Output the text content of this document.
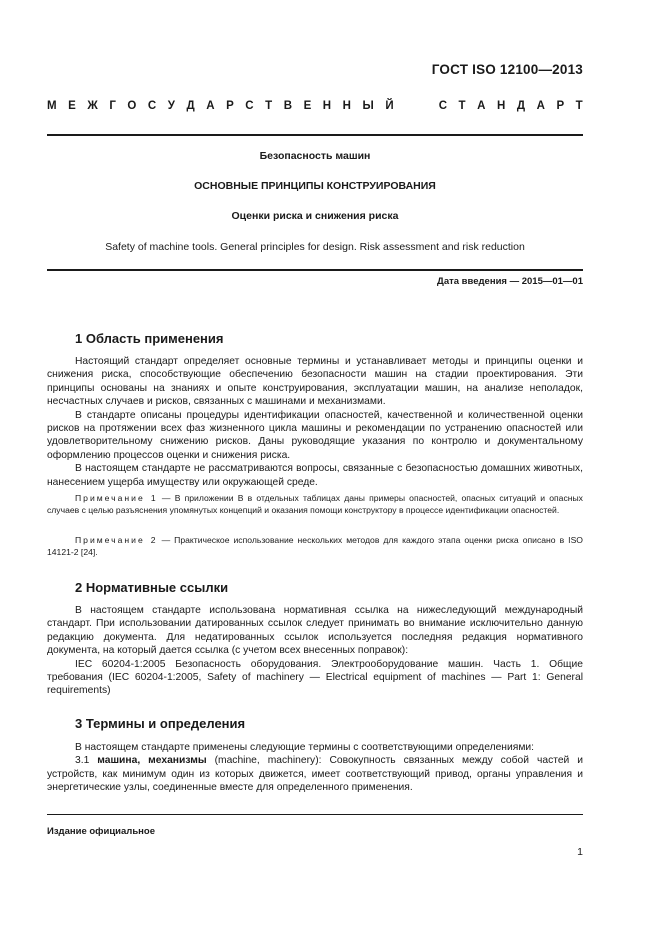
ГОСТ ISO 12100—2013
М Е Ж Г О С У Д А Р С Т В Е Н Н Ы Й	С Т А Н Д А Р Т
Безопасность машин
ОСНОВНЫЕ ПРИНЦИПЫ КОНСТРУИРОВАНИЯ
Оценки риска и снижения риска
Safety of machine tools. General principles for design. Risk assessment and risk reduction
Дата введения — 2015—01—01
1 Область применения

Настоящий стандарт определяет основные термины и устанавливает методы и принципы оценки и снижения риска, способствующие обеспечению безопасности машин на стадии проектирования. Эти принципы основаны на знаниях и опыте конструирования, эксплуатации машин, на анализе неполадок, несчастных случаев и рисков, связанных с машинами и механизмами.

В стандарте описаны процедуры идентификации опасностей, качественной и количественной оценки рисков на протяжении всех фаз жизненного цикла машины и рекомендации по устранению опасностей или удовлетворительному снижению рисков. Даны руководящие указания по контролю и документальному оформлению процессов оценки и снижения риска.

В настоящем стандарте не рассматриваются вопросы, связанные с безопасностью домашних животных, нанесением ущерба имуществу или окружающей среде.

Примечание 1 — В приложении В в отдельных таблицах даны примеры опасностей, опасных ситуаций и опасных случаев с целью разъяснения упомянутых концепций и оказания помощи конструктору в процессе идентификации опасностей.

Примечание 2 — Практическое использование нескольких методов для каждого этапа оценки риска описано в ISO 14121-2 [24].

2 Нормативные ссылки

В настоящем стандарте использована нормативная ссылка на нижеследующий международный стандарт. При использовании датированных ссылок следует принимать во внимание исключительно данную редакцию документа. Для недатированных ссылок используется последняя редакция нормативного документа, на который дается ссылка (с учетом всех внесенных поправок):

IEC 60204-1:2005 Безопасность оборудования. Электрооборудование машин. Часть 1. Общие требования (IEC 60204-1:2005, Safety of machinery — Electrical equipment of machines — Part 1: General requirements)

3 Термины и определения

В настоящем стандарте применены следующие термины с соответствующими определениями:

3.1 машина, механизмы (machine, machinery): Совокупность связанных между собой частей и устройств, как минимум один из которых движется, имеет соответствующий привод, органы управления и энергетические узлы, соединенные вместе для определенного применения.

Издание официальное
1
